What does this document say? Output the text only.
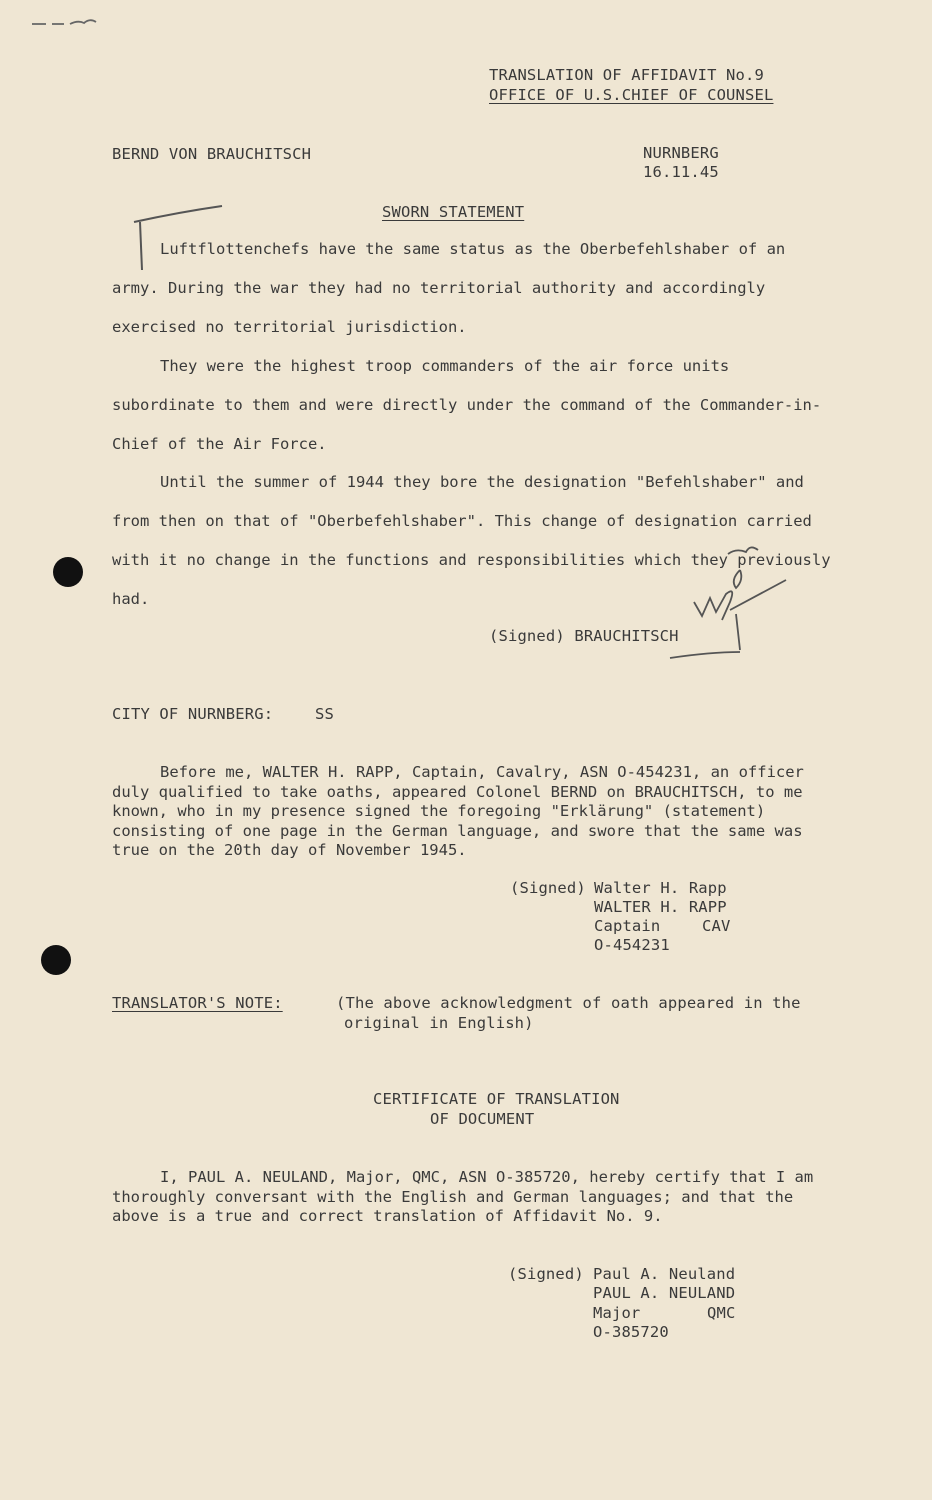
TRANSLATION OF AFFIDAVIT No.9
OFFICE OF U.S.CHIEF OF COUNSEL
BERND VON BRAUCHITSCH	NURNBERG
16.11.45
SWORN STATEMENT
Luftflottenchefs have the same status as the Oberbefehlshaber of an army. During the war they had no territorial authority and accordingly exercised no territorial jurisdiction.
They were the highest troop commanders of the air force units subordinate to them and were directly under the command of the Commander-in-Chief of the Air Force.
Until the summer of 1944 they bore the designation "Befehlshaber" and from then on that of "Oberbefehlshaber". This change of designation carried with it no change in the functions and responsibilities which they previously had.
(Signed) BRAUCHITSCH
CITY OF NURNBERG:	SS
Before me, WALTER H. RAPP, Captain, Cavalry, ASN O-454231, an officer duly qualified to take oaths, appeared Colonel BERND on BRAUCHITSCH, to me known, who in my presence signed the foregoing "Erklärung" (statement) consisting of one page in the German language, and swore that the same was true on the 20th day of November 1945.
(Signed) Walter H. Rapp
WALTER H. RAPP
Captain	CAV
O-454231
TRANSLATOR'S NOTE:	(The above acknowledgment of oath appeared in the
original in English)
CERTIFICATE OF TRANSLATION
OF DOCUMENT
I, PAUL A. NEULAND, Major, QMC, ASN O-385720, hereby certify that I am thoroughly conversant with the English and German languages; and that the above is a true and correct translation of Affidavit No. 9.
(Signed) Paul A. Neuland
PAUL A. NEULAND
Major	QMC
O-385720
